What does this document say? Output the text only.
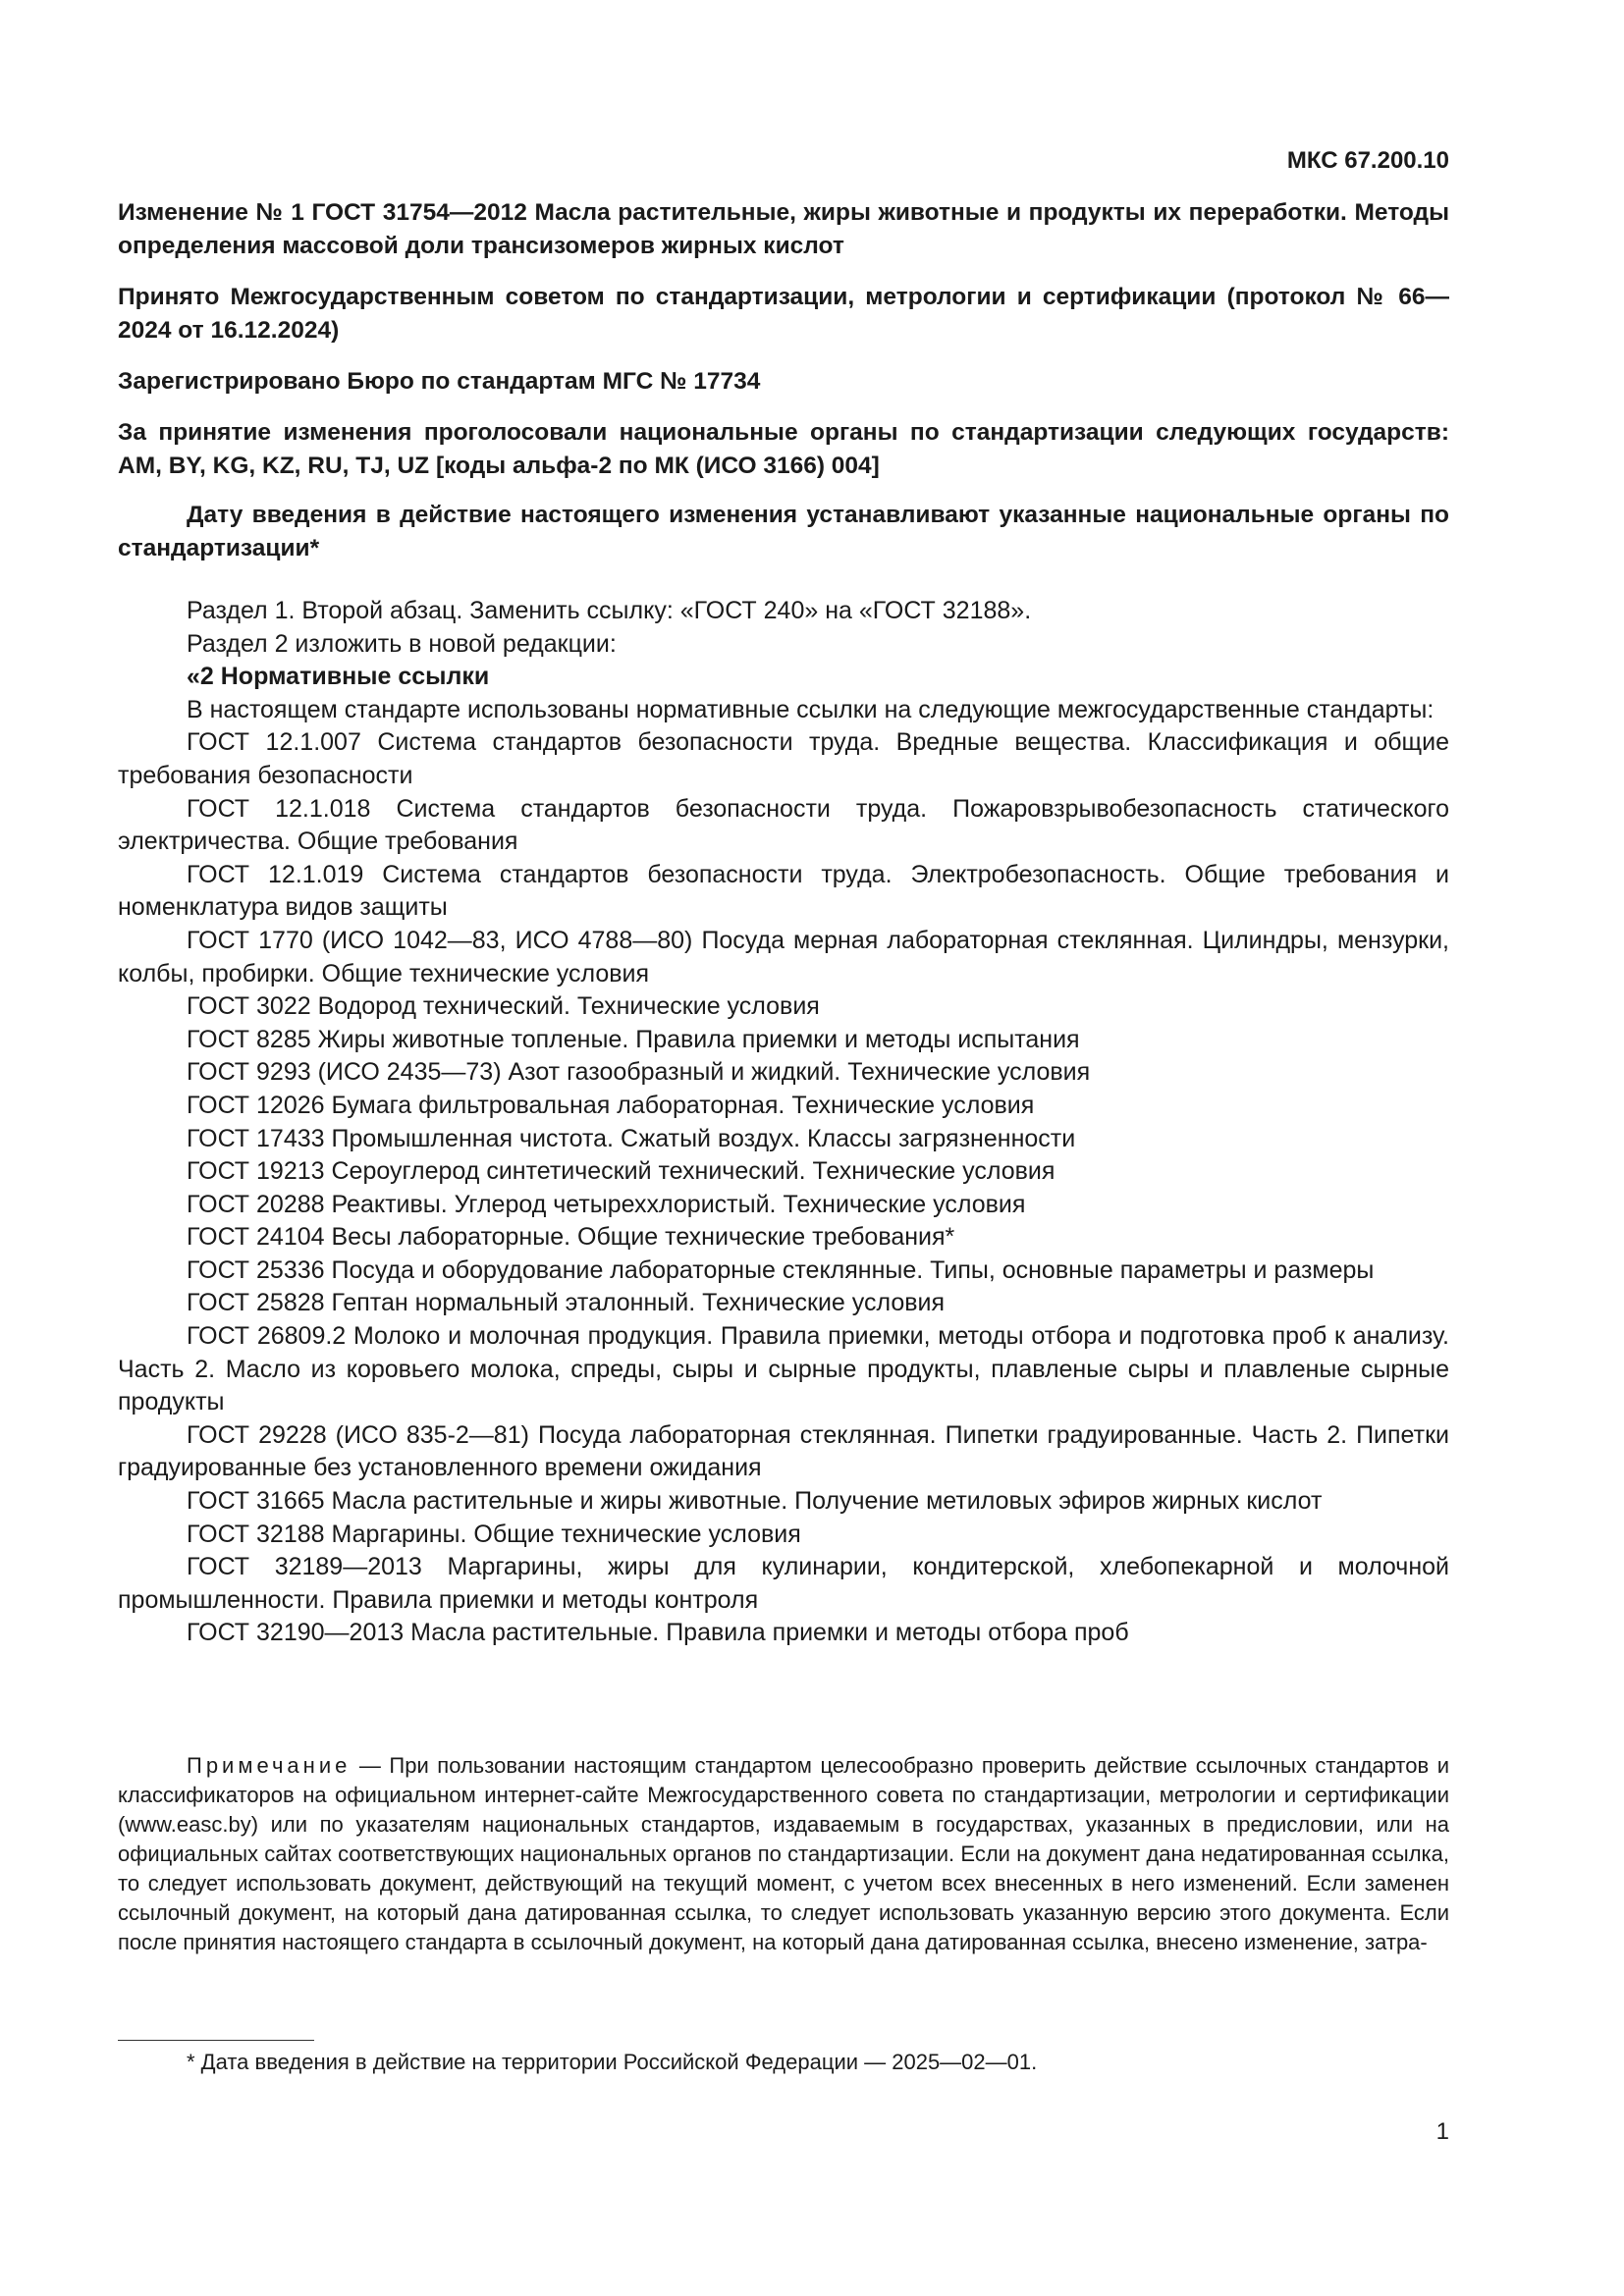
МКС 67.200.10

Изменение № 1 ГОСТ 31754—2012 Масла растительные, жиры животные и продукты их переработки. Методы определения массовой доли трансизомеров жирных кислот

Принято Межгосударственным советом по стандартизации, метрологии и сертификации (протокол № 66—2024 от 16.12.2024)

Зарегистрировано Бюро по стандартам МГС № 17734

За принятие изменения проголосовали национальные органы по стандартизации следующих государств: AM, BY, KG, KZ, RU, TJ, UZ [коды альфа-2 по МК (ИСО 3166) 004]

Дату введения в действие настоящего изменения устанавливают указанные национальные органы по стандартизации*

Раздел 1. Второй абзац. Заменить ссылку: «ГОСТ 240» на «ГОСТ 32188».

Раздел 2 изложить в новой редакции:

«2 Нормативные ссылки

В настоящем стандарте использованы нормативные ссылки на следующие межгосударственные стандарты:

ГОСТ 12.1.007 Система стандартов безопасности труда. Вредные вещества. Классификация и общие требования безопасности

ГОСТ 12.1.018 Система стандартов безопасности труда. Пожаровзрывобезопасность статического электричества. Общие требования

ГОСТ 12.1.019 Система стандартов безопасности труда. Электробезопасность. Общие требования и номенклатура видов защиты

ГОСТ 1770 (ИСО 1042—83, ИСО 4788—80) Посуда мерная лабораторная стеклянная. Цилиндры, мензурки, колбы, пробирки. Общие технические условия

ГОСТ 3022 Водород технический. Технические условия

ГОСТ 8285 Жиры животные топленые. Правила приемки и методы испытания

ГОСТ 9293 (ИСО 2435—73) Азот газообразный и жидкий. Технические условия

ГОСТ 12026 Бумага фильтровальная лабораторная. Технические условия

ГОСТ 17433 Промышленная чистота. Сжатый воздух. Классы загрязненности

ГОСТ 19213 Сероуглерод синтетический технический. Технические условия

ГОСТ 20288 Реактивы. Углерод четыреххлористый. Технические условия

ГОСТ 24104 Весы лабораторные. Общие технические требования*

ГОСТ 25336 Посуда и оборудование лабораторные стеклянные. Типы, основные параметры и размеры

ГОСТ 25828 Гептан нормальный эталонный. Технические условия

ГОСТ 26809.2 Молоко и молочная продукция. Правила приемки, методы отбора и подготовка проб к анализу. Часть 2. Масло из коровьего молока, спреды, сыры и сырные продукты, плавленые сыры и плавленые сырные продукты

ГОСТ 29228 (ИСО 835-2—81) Посуда лабораторная стеклянная. Пипетки градуированные. Часть 2. Пипетки градуированные без установленного времени ожидания

ГОСТ 31665 Масла растительные и жиры животные. Получение метиловых эфиров жирных кислот

ГОСТ 32188 Маргарины. Общие технические условия

ГОСТ 32189—2013 Маргарины, жиры для кулинарии, кондитерской, хлебопекарной и молочной промышленности. Правила приемки и методы контроля

ГОСТ 32190—2013 Масла растительные. Правила приемки и методы отбора проб

Примечание — При пользовании настоящим стандартом целесообразно проверить действие ссылочных стандартов и классификаторов на официальном интернет-сайте Межгосударственного совета по стандартизации, метрологии и сертификации (www.easc.by) или по указателям национальных стандартов, издаваемым в государствах, указанных в предисловии, или на официальных сайтах соответствующих национальных органов по стандартизации. Если на документ дана недатированная ссылка, то следует использовать документ, действующий на текущий момент, с учетом всех внесенных в него изменений. Если заменен ссылочный документ, на который дана датированная ссылка, то следует использовать указанную версию этого документа. Если после принятия настоящего стандарта в ссылочный документ, на который дана датированная ссылка, внесено изменение, затра-

* Дата введения в действие на территории Российской Федерации — 2025—02—01.
1
